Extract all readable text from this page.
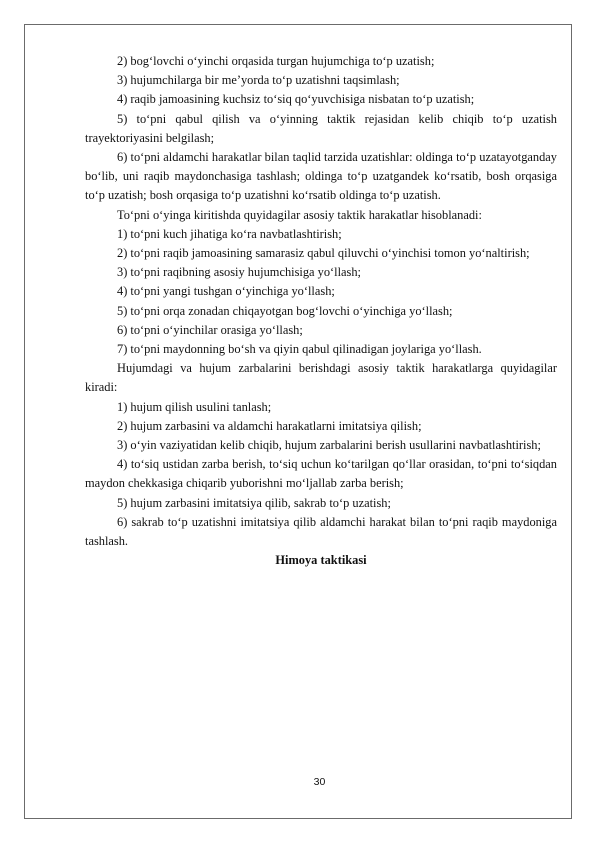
2) bog‘lovchi o‘yinchi orqasida turgan hujumchiga to‘p uzatish;

3) hujumchilarga bir me’yorda to‘p uzatishni taqsimlash;

4) raqib jamoasining kuchsiz to‘siq qo‘yuvchisiga nisbatan to‘p uzatish;

5) to‘pni qabul qilish va o‘yinning taktik rejasidan kelib chiqib to‘p uzatish trayektoriyasini belgilash;

6) to‘pni aldamchi harakatlar bilan taqlid tarzida uzatishlar: oldinga to‘p uzatayotganday bo‘lib, uni raqib maydonchasiga tashlash; oldinga to‘p uzatgandek ko‘rsatib, bosh orqasiga to‘p uzatish; bosh orqasiga to‘p uzatishni ko‘rsatib oldinga to‘p uzatish.

To‘pni o‘yinga kiritishda quyidagilar asosiy taktik harakatlar hisoblanadi:

1) to‘pni kuch jihatiga ko‘ra navbatlashtirish;

2) to‘pni raqib jamoasining samarasiz qabul qiluvchi o‘yinchisi tomon yo‘naltirish;

3) to‘pni raqibning asosiy hujumchisiga yo‘llash;

4) to‘pni yangi tushgan o‘yinchiga yo‘llash;

5) to‘pni orqa zonadan chiqayotgan bog‘lovchi o‘yinchiga yo‘llash;

6) to‘pni o‘yinchilar orasiga yo‘llash;

7) to‘pni maydonning bo‘sh va qiyin qabul qilinadigan joylariga yo‘llash.

Hujumdagi va hujum zarbalarini berishdagi asosiy taktik harakatlarga quyidagilar kiradi:

1) hujum qilish usulini tanlash;

2) hujum zarbasini va aldamchi harakatlarni imitatsiya qilish;

3) o‘yin vaziyatidan kelib chiqib, hujum zarbalarini berish usullarini navbatlashtirish;

4) to‘siq ustidan zarba berish, to‘siq uchun ko‘tarilgan qo‘llar orasidan, to‘pni to‘siqdan maydon chekkasiga chiqarib yuborishni mo‘ljallab zarba berish;

5) hujum zarbasini imitatsiya qilib, sakrab to‘p uzatish;

6) sakrab to‘p uzatishni imitatsiya qilib aldamchi harakat bilan to‘pni raqib maydoniga tashlash.

Himoya taktikasi

30
